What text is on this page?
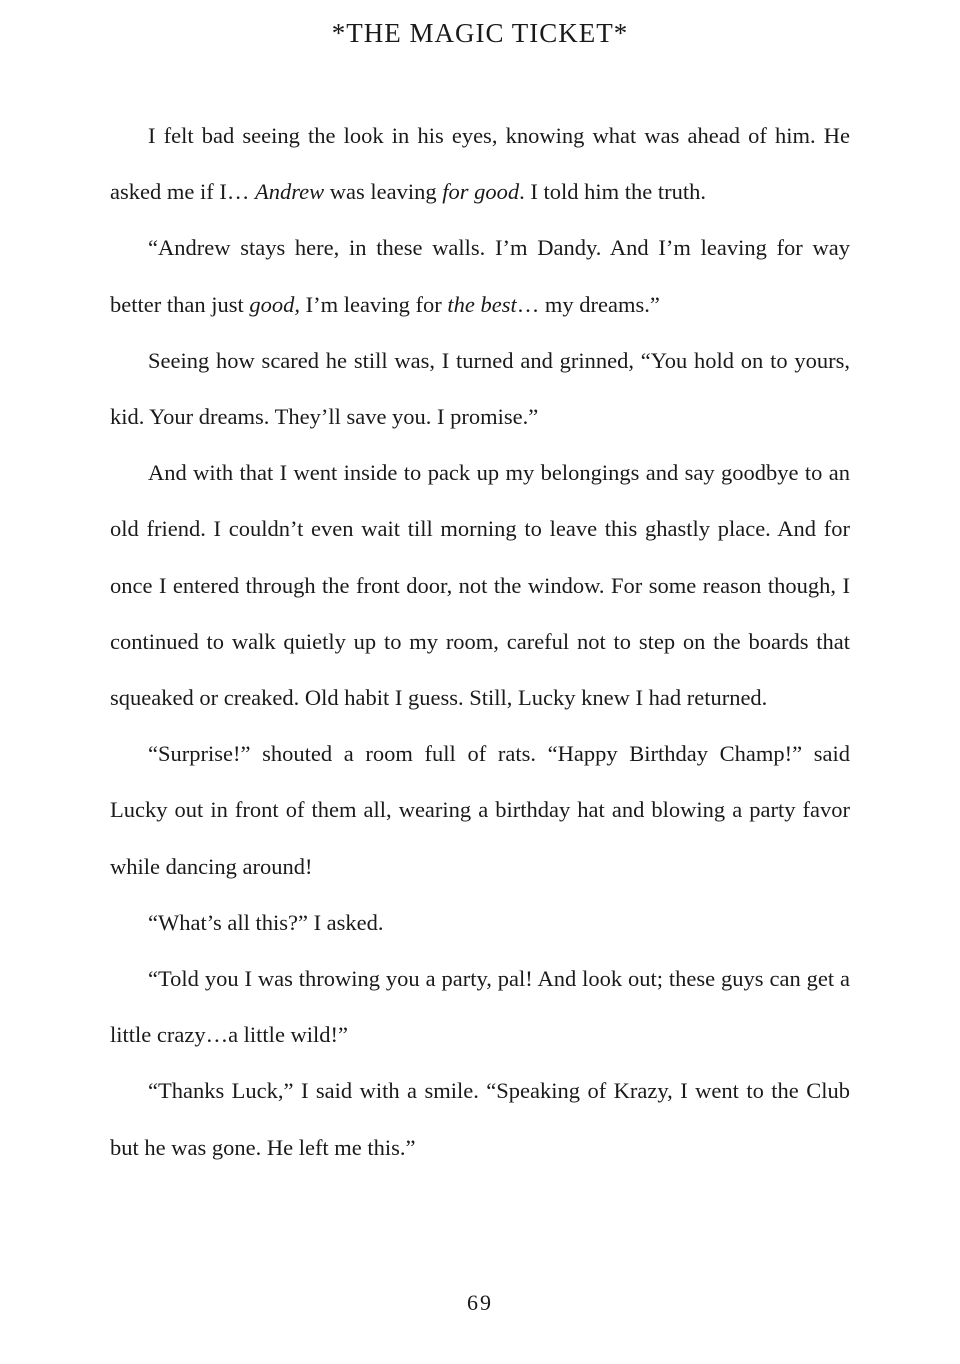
*THE MAGIC TICKET*

I felt bad seeing the look in his eyes, knowing what was ahead of him. He asked me if I… Andrew was leaving for good. I told him the truth.

“Andrew stays here, in these walls. I’m Dandy. And I’m leaving for way better than just good, I’m leaving for the best… my dreams.”

Seeing how scared he still was, I turned and grinned, “You hold on to yours, kid. Your dreams. They’ll save you. I promise.”

And with that I went inside to pack up my belongings and say goodbye to an old friend. I couldn’t even wait till morning to leave this ghastly place. And for once I entered through the front door, not the window. For some reason though, I continued to walk quietly up to my room, careful not to step on the boards that squeaked or creaked. Old habit I guess. Still, Lucky knew I had returned.

“Surprise!” shouted a room full of rats. “Happy Birthday Champ!” said Lucky out in front of them all, wearing a birthday hat and blowing a party favor while dancing around!

“What’s all this?” I asked.

“Told you I was throwing you a party, pal! And look out; these guys can get a little crazy…a little wild!”

“Thanks Luck,” I said with a smile. “Speaking of Krazy, I went to the Club but he was gone. He left me this.”

69
